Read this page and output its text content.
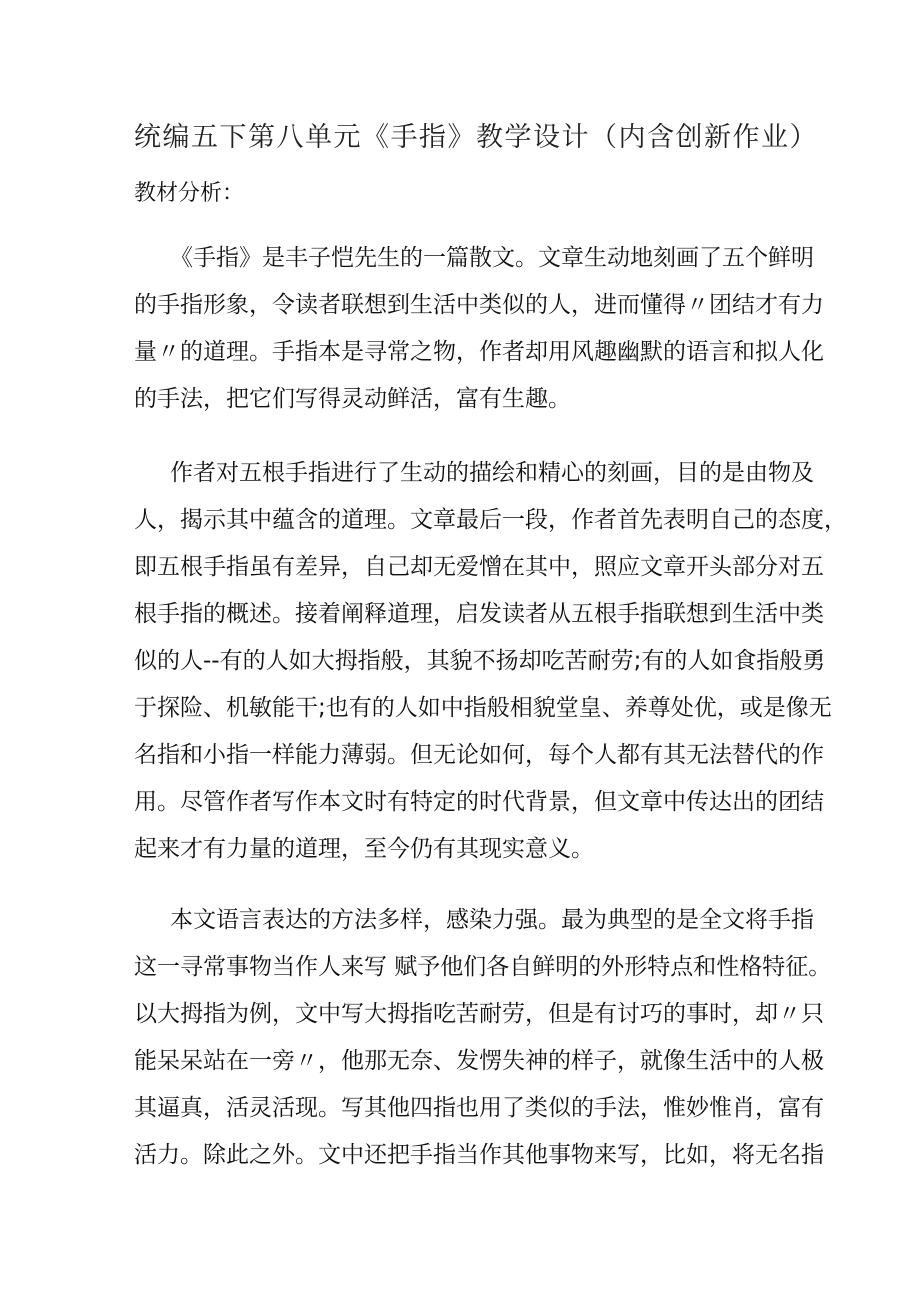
统编五下第八单元《手指》教学设计（内含创新作业）
教材分析：
《手指》是丰子恺先生的一篇散文。文章生动地刻画了五个鲜明
的手指形象，令读者联想到生活中类似的人，进而懂得〃团结才有力
量〃的道理。手指本是寻常之物，作者却用风趣幽默的语言和拟人化
的手法，把它们写得灵动鲜活，富有生趣。
作者对五根手指进行了生动的描绘和精心的刻画，目的是由物及
人，揭示其中蕴含的道理。文章最后一段，作者首先表明自己的态度，
即五根手指虽有差异，自己却无爱憎在其中，照应文章开头部分对五
根手指的概述。接着阐释道理，启发读者从五根手指联想到生活中类
似的人--有的人如大拇指般，其貌不扬却吃苦耐劳;有的人如食指般勇
于探险、机敏能干;也有的人如中指般相貌堂皇、养尊处优，或是像无
名指和小指一样能力薄弱。但无论如何，每个人都有其无法替代的作
用。尽管作者写作本文时有特定的时代背景，但文章中传达出的团结
起来才有力量的道理，至今仍有其现实意义。
本文语言表达的方法多样，感染力强。最为典型的是全文将手指
这一寻常事物当作人来写 赋予他们各自鲜明的外形特点和性格特征。
以大拇指为例，文中写大拇指吃苦耐劳，但是有讨巧的事时，却〃只
能呆呆站在一旁〃，他那无奈、发愣失神的样子，就像生活中的人极
其逼真，活灵活现。写其他四指也用了类似的手法，惟妙惟肖，富有
活力。除此之外。文中还把手指当作其他事物来写，比如，将无名指
